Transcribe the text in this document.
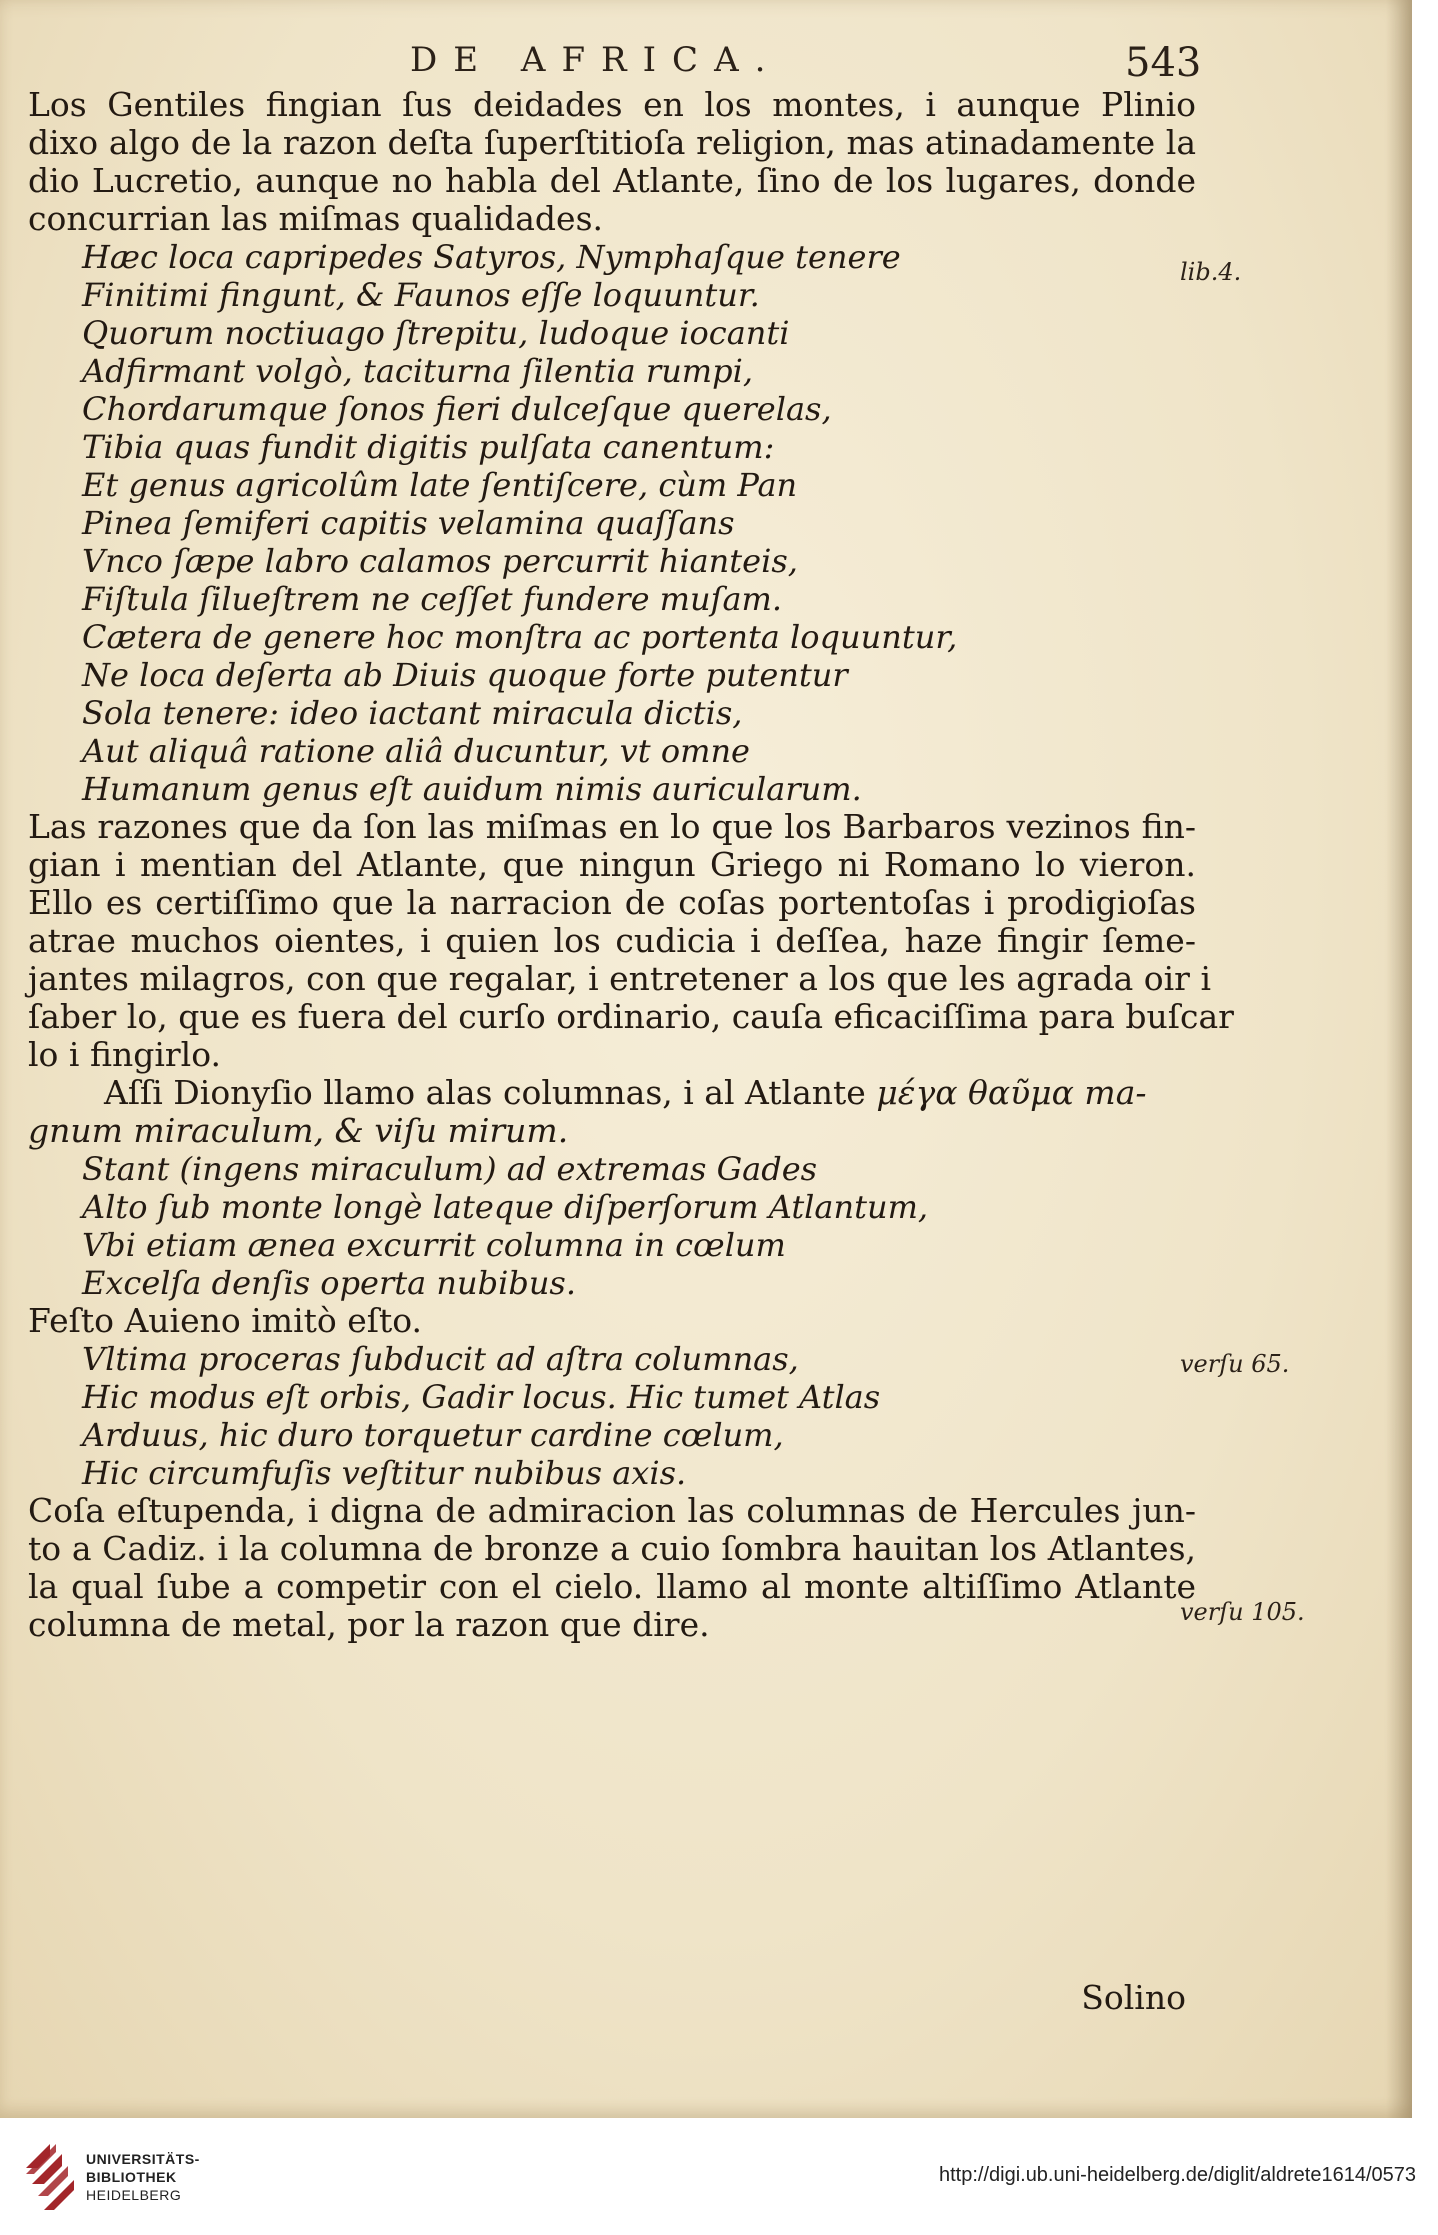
DE AFRICA.	543
Los Gentiles fingian ſus deidades en los montes, i aunque Plinio
dixo algo de la razon deſta ſuperſtitioſa religion, mas atinadamente la
dio Lucretio, aunque no habla del Atlante, ſino de los lugares, donde
concurrian las miſmas qualidades.
Hæc loca capripedes Satyros, Nymphaſque tenere
Finitimi fingunt, & Faunos eſſe loquuntur.
Quorum noctiuago ſtrepitu, ludoque iocanti
Adfirmant volgò, taciturna ſilentia rumpi,
Chordarumque ſonos fieri dulceſque querelas,
Tibia quas fundit digitis pulſata canentum:
Et genus agricolûm late ſentiſcere, cùm Pan
Pinea ſemiferi capitis velamina quaſſans
Vnco ſæpe labro calamos percurrit hianteis,
Fiſtula ſilueſtrem ne ceſſet fundere muſam.
Cætera de genere hoc monſtra ac portenta loquuntur,
Ne loca deſerta ab Diuis quoque forte putentur
Sola tenere: ideo iactant miracula dictis,
Aut aliquâ ratione aliâ ducuntur, vt omne
Humanum genus eſt auidum nimis auricularum.
Las razones que da ſon las miſmas en lo que los Barbaros vezinos fin-
gian i mentian del Atlante, que ningun Griego ni Romano lo vieron.
Ello es certiſſimo que la narracion de coſas portentoſas i prodigioſas
atrae muchos oientes, i quien los cudicia i deſſea, haze fingir ſeme-
jantes milagros, con que regalar, i entretener a los que les agrada oir i
ſaber lo, que es fuera del curſo ordinario, cauſa eficaciſſima para buſcar
lo i fingirlo.
Aſſi Dionyſio llamo alas columnas, i al Atlante μέγα θαῦμα ma-
gnum miraculum, & viſu mirum.
Stant (ingens miraculum) ad extremas Gades
Alto ſub monte longè lateque diſperſorum Atlantum,
Vbi etiam ænea excurrit columna in cœlum
Excelſa denſis operta nubibus.
Feſto Auieno imitò eſto.
Vltima proceras ſubducit ad aſtra columnas,
Hic modus eſt orbis, Gadir locus. Hic tumet Atlas
Arduus, hic duro torquetur cardine cœlum,
Hic circumfuſis veſtitur nubibus axis.
Coſa eſtupenda, i digna de admiracion las columnas de Hercules jun-
to a Cadiz. i la columna de bronze a cuio ſombra hauitan los Atlantes,
la qual ſube a competir con el cielo. llamo al monte altiſſimo Atlante
columna de metal, por la razon que dire.
lib.4.
verſu 65.
verſu 105.
Solino
UNIVERSITÄTS-
BIBLIOTHEK
HEIDELBERG
http://digi.ub.uni-heidelberg.de/diglit/aldrete1614/0573
